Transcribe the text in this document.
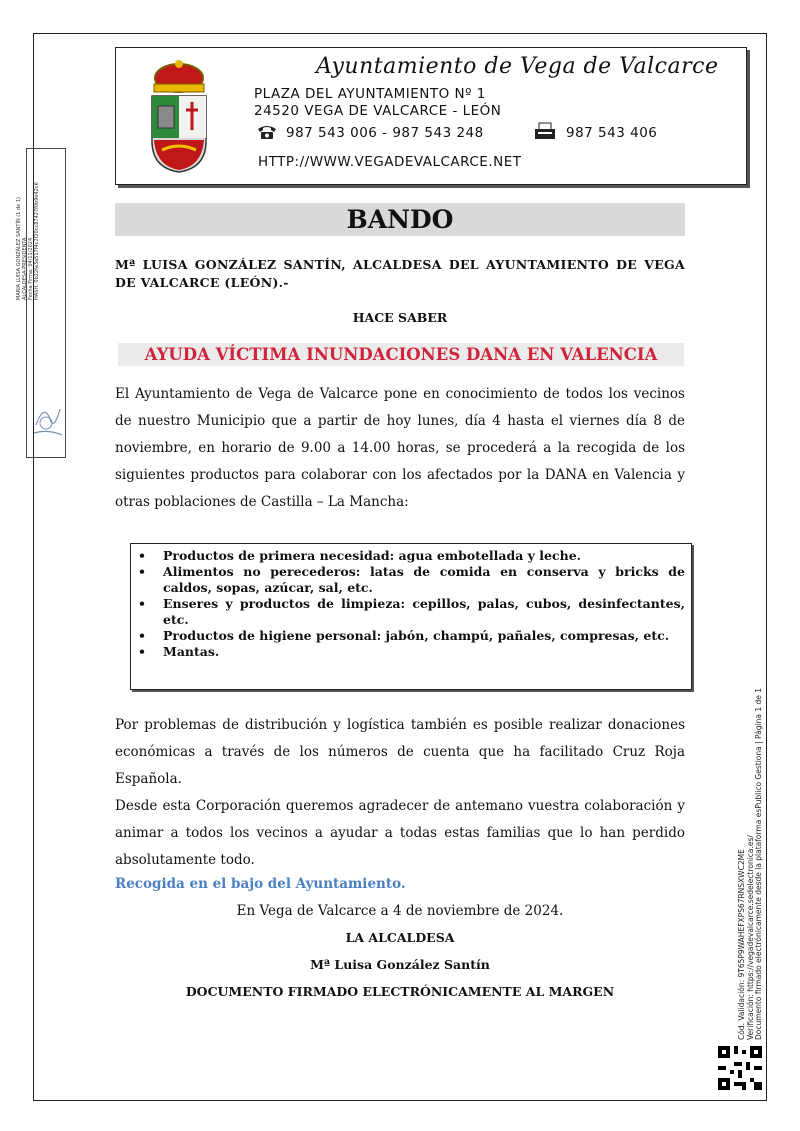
Ayuntamiento de Vega de Valcarce
PLAZA DEL AYUNTAMIENTO Nº 1
24520 VEGA DE VALCARCE - LEÓN
987 543 006 - 987 543 248	987 543 406
HTTP://WWW.VEGADEVALCARCE.NET
MARIA LUISA GONZÁLEZ SANTÍN (1 de 1) ALCALDESA-PRESIDENTA Fecha Firma: 04/11/2024 HASH: 0b22fa3a517f4c2f20cc87427f0b9e42c6	BANDO
Mª LUISA GONZÁLEZ SANTÍN, ALCALDESA DEL AYUNTAMIENTO DE VEGA DE VALCARCE (LEÓN).-
HACE SABER
AYUDA VÍCTIMA INUNDACIONES DANA EN VALENCIA
El Ayuntamiento de Vega de Valcarce pone en conocimiento de todos los vecinos de nuestro Municipio que a partir de hoy lunes, día 4 hasta el viernes día 8 de noviembre, en horario de 9.00 a 14.00 horas, se procederá a la recogida de los siguientes productos para colaborar con los afectados por la DANA en Valencia y otras poblaciones de Castilla – La Mancha:
• Productos de primera necesidad: agua embotellada y leche.
• Alimentos no perecederos: latas de comida en conserva y bricks de caldos, sopas, azúcar, sal, etc.
• Enseres y productos de limpieza: cepillos, palas, cubos, desinfectantes, etc.
• Productos de higiene personal: jabón, champú, pañales, compresas, etc.
• Mantas.
Por problemas de distribución y logística también es posible realizar donaciones económicas a través de los números de cuenta que ha facilitado Cruz Roja Española.
Desde esta Corporación queremos agradecer de antemano vuestra colaboración y animar a todos los vecinos a ayudar a todas estas familias que lo han perdido absolutamente todo.
Recogida en el bajo del Ayuntamiento.
En Vega de Valcarce a 4 de noviembre de 2024.
LA ALCALDESA
Mª Luisa González Santín
DOCUMENTO FIRMADO ELECTRÓNICAMENTE AL MARGEN	Cód. Validación: 9T65P9WAHEFXPS67RNSXWC2ME Verificación: https://vegadevalcarce.sedelectronica.es/ Documento firmado electrónicamente desde la plataforma esPublico Gestiona | Página 1 de 1
